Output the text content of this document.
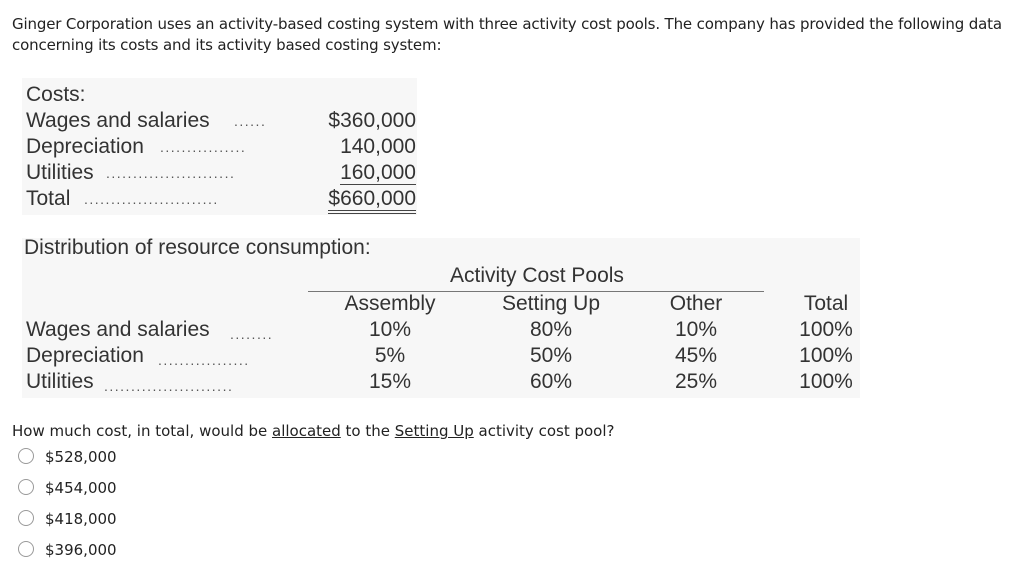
Ginger Corporation uses an activity-based costing system with three activity cost pools. The company has provided the following data concerning its costs and its activity based costing system:
Costs:
Wages and salaries ......	$360,000
Depreciation ................	140,000
Utilities ........................	160,000
Total .........................	$660,000
Distribution of resource consumption:
Activity Cost Pools
Assembly	Setting Up	Other	Total
Wages and salaries ........	10%	80%	10%	100%
Depreciation .................	5%	50%	45%	100%
Utilities ........................	15%	60%	25%	100%
How much cost, in total, would be allocated to the Setting Up activity cost pool?
$528,000
$454,000
$418,000
$396,000
